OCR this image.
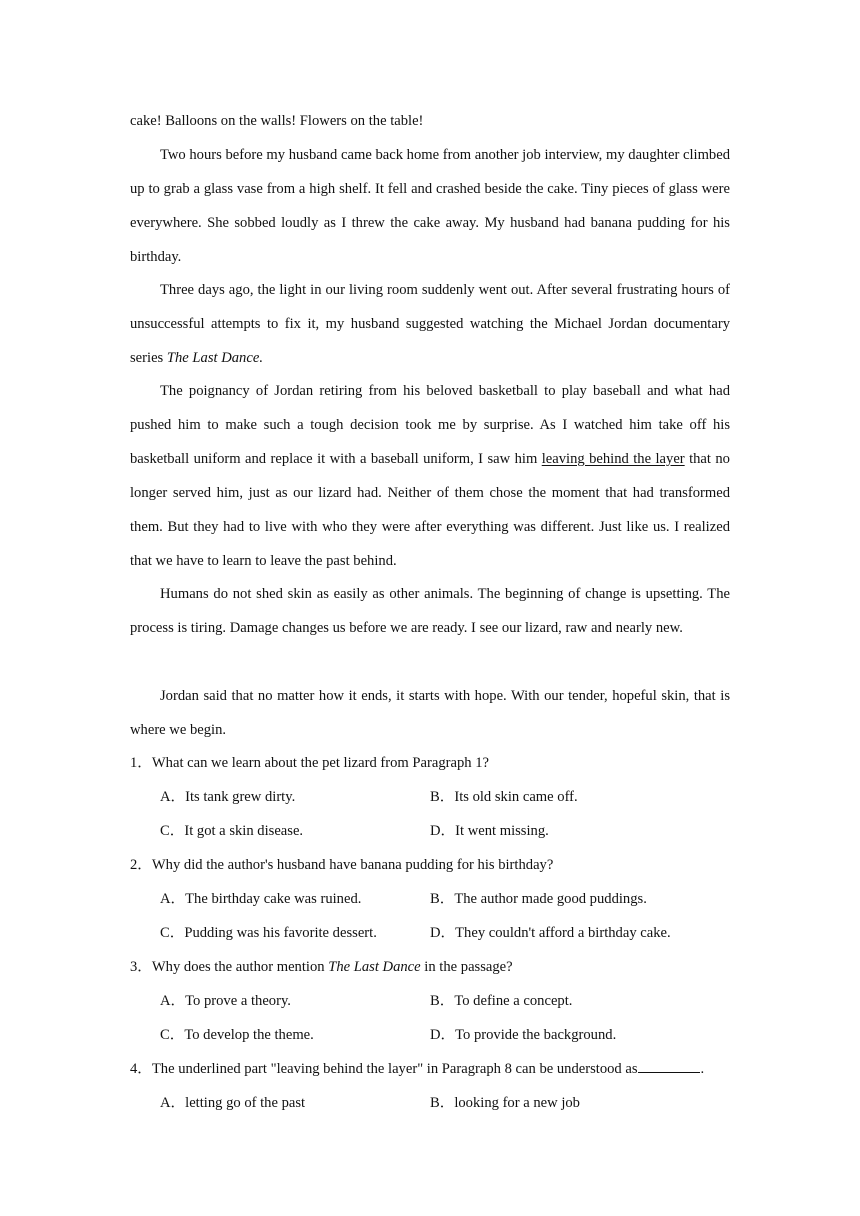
cake! Balloons on the walls! Flowers on the table!

Two hours before my husband came back home from another job interview, my daughter climbed up to grab a glass vase from a high shelf. It fell and crashed beside the cake. Tiny pieces of glass were everywhere. She sobbed loudly as I threw the cake away. My husband had banana pudding for his birthday.

Three days ago, the light in our living room suddenly went out. After several frustrating hours of unsuccessful attempts to fix it, my husband suggested watching the Michael Jordan documentary series The Last Dance.

The poignancy of Jordan retiring from his beloved basketball to play baseball and what had pushed him to make such a tough decision took me by surprise. As I watched him take off his basketball uniform and replace it with a baseball uniform, I saw him leaving behind the layer that no longer served him, just as our lizard had. Neither of them chose the moment that had transformed them. But they had to live with who they were after everything was different. Just like us. I realized that we have to learn to leave the past behind.

Humans do not shed skin as easily as other animals. The beginning of change is upsetting. The process is tiring. Damage changes us before we are ready. I see our lizard, raw and nearly new.

Jordan said that no matter how it ends, it starts with hope. With our tender, hopeful skin, that is where we begin.

1．What can we learn about the pet lizard from Paragraph 1?
A．Its tank grew dirty.	B．Its old skin came off.
C．It got a skin disease.	D．It went missing.
2．Why did the author's husband have banana pudding for his birthday?
A．The birthday cake was ruined.	B．The author made good puddings.
C．Pudding was his favorite dessert.	D．They couldn't afford a birthday cake.
3．Why does the author mention The Last Dance in the passage?
A．To prove a theory.	B．To define a concept.
C．To develop the theme.	D．To provide the background.
4．The underlined part "leaving behind the layer" in Paragraph 8 can be understood as	.
A．letting go of the past	B．looking for a new job
